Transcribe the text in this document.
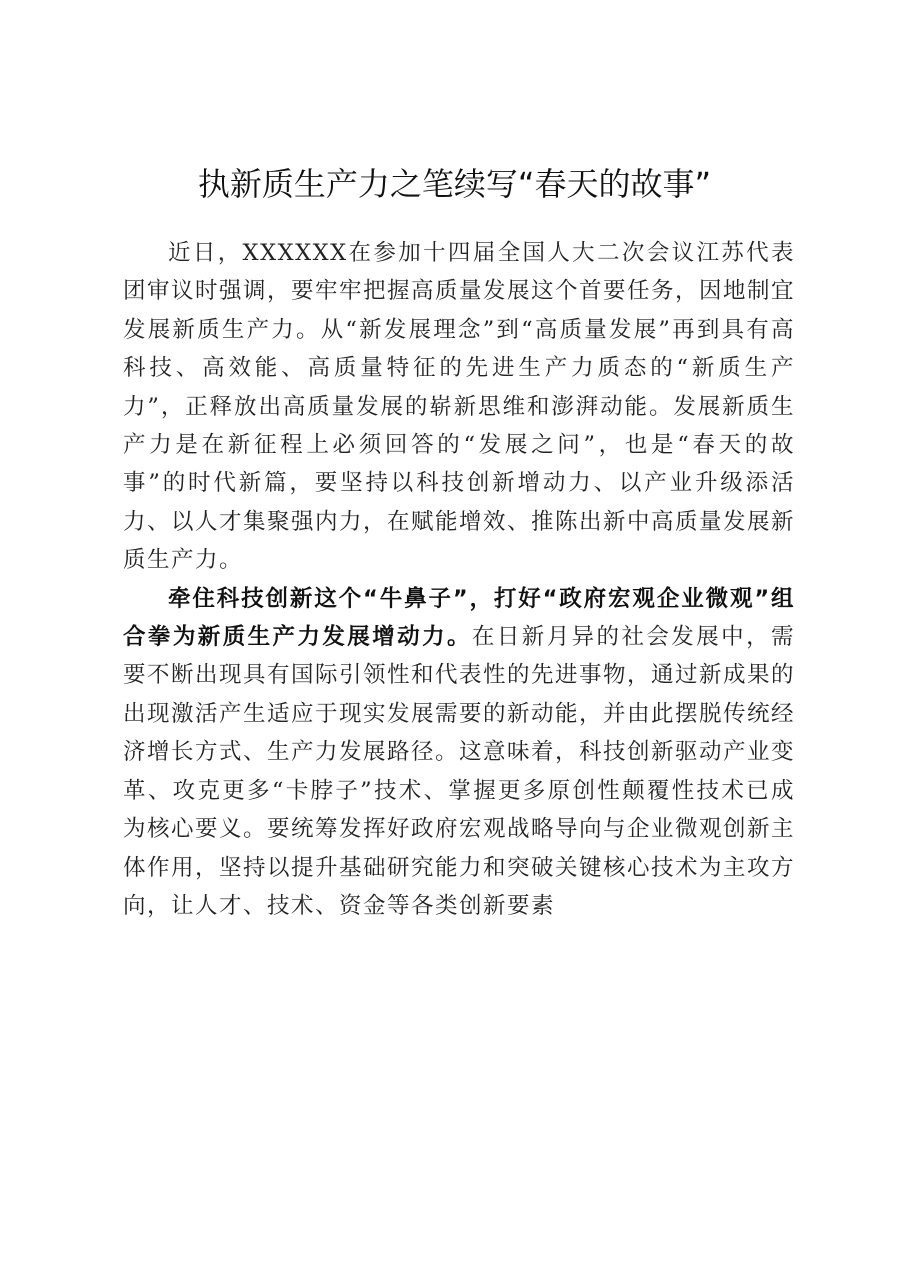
执新质生产力之笔续写“春天的故事”

近日，XXXXXX在参加十四届全国人大二次会议江苏代表团审议时强调，要牢牢把握高质量发展这个首要任务，因地制宜发展新质生产力。从“新发展理念”到“高质量发展”再到具有高科技、高效能、高质量特征的先进生产力质态的“新质生产力”，正释放出高质量发展的崭新思维和澎湃动能。发展新质生产力是在新征程上必须回答的“发展之问”，也是“春天的故事”的时代新篇，要坚持以科技创新增动力、以产业升级添活力、以人才集聚强内力，在赋能增效、推陈出新中高质量发展新质生产力。

牵住科技创新这个“牛鼻子”，打好“政府宏观企业微观”组合拳为新质生产力发展增动力。在日新月异的社会发展中，需要不断出现具有国际引领性和代表性的先进事物，通过新成果的出现激活产生适应于现实发展需要的新动能，并由此摆脱传统经济增长方式、生产力发展路径。这意味着，科技创新驱动产业变革、攻克更多“卡脖子”技术、掌握更多原创性颠覆性技术已成为核心要义。要统筹发挥好政府宏观战略导向与企业微观创新主体作用，坚持以提升基础研究能力和突破关键核心技术为主攻方向，让人才、技术、资金等各类创新要素
